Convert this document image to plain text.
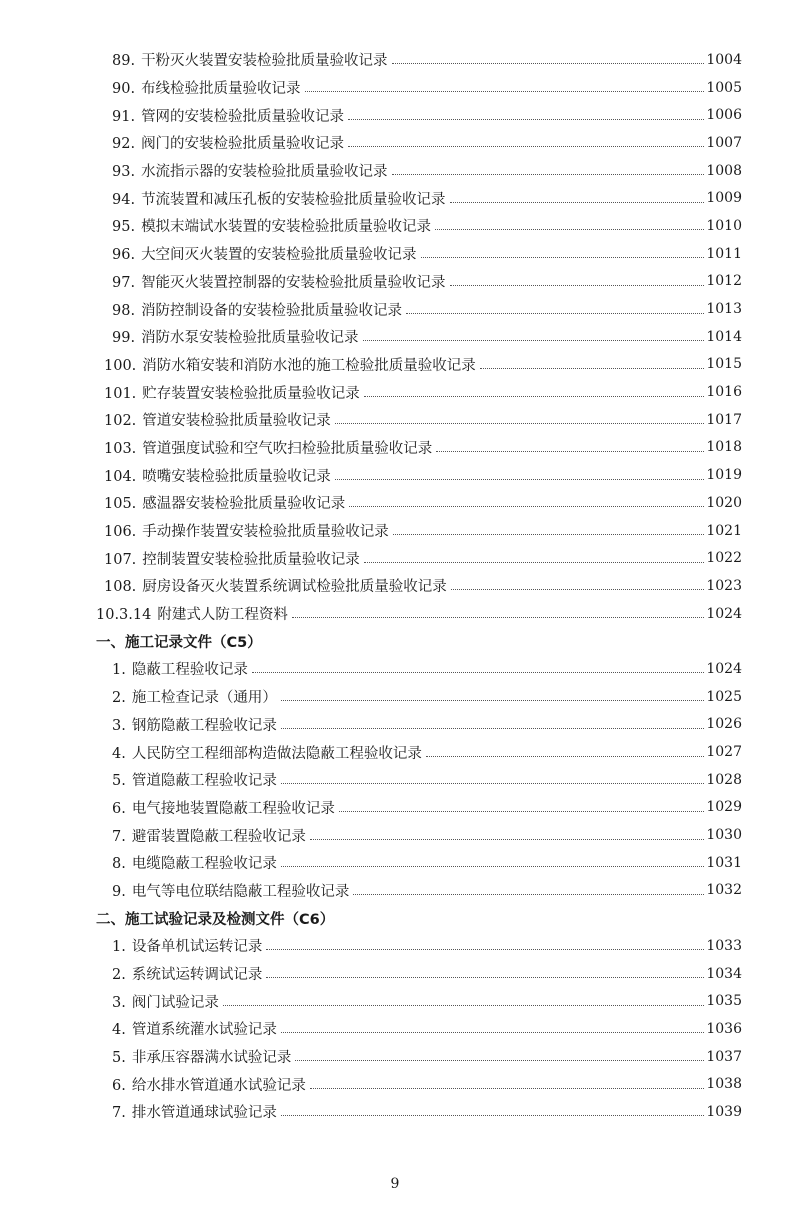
89. 干粉灭火装置安装检验批质量验收记录	1004
90. 布线检验批质量验收记录	1005
91. 管网的安装检验批质量验收记录	1006
92. 阀门的安装检验批质量验收记录	1007
93. 水流指示器的安装检验批质量验收记录	1008
94. 节流装置和减压孔板的安装检验批质量验收记录	1009
95. 模拟末端试水装置的安装检验批质量验收记录	1010
96. 大空间灭火装置的安装检验批质量验收记录	1011
97. 智能灭火装置控制器的安装检验批质量验收记录	1012
98. 消防控制设备的安装检验批质量验收记录	1013
99. 消防水泵安装检验批质量验收记录	1014
100. 消防水箱安装和消防水池的施工检验批质量验收记录	1015
101. 贮存装置安装检验批质量验收记录	1016
102. 管道安装检验批质量验收记录	1017
103. 管道强度试验和空气吹扫检验批质量验收记录	1018
104. 喷嘴安装检验批质量验收记录	1019
105. 感温器安装检验批质量验收记录	1020
106. 手动操作装置安装检验批质量验收记录	1021
107. 控制装置安装检验批质量验收记录	1022
108. 厨房设备灭火装置系统调试检验批质量验收记录	1023
10.3.14 附建式人防工程资料	1024
一、施工记录文件（C5）
1. 隐蔽工程验收记录	1024
2. 施工检查记录（通用）	1025
3. 钢筋隐蔽工程验收记录	1026
4. 人民防空工程细部构造做法隐蔽工程验收记录	1027
5. 管道隐蔽工程验收记录	1028
6. 电气接地装置隐蔽工程验收记录	1029
7. 避雷装置隐蔽工程验收记录	1030
8. 电缆隐蔽工程验收记录	1031
9. 电气等电位联结隐蔽工程验收记录	1032
二、施工试验记录及检测文件（C6）
1. 设备单机试运转记录	1033
2. 系统试运转调试记录	1034
3. 阀门试验记录	1035
4. 管道系统灌水试验记录	1036
5. 非承压容器满水试验记录	1037
6. 给水排水管道通水试验记录	1038
7. 排水管道通球试验记录	1039
9
